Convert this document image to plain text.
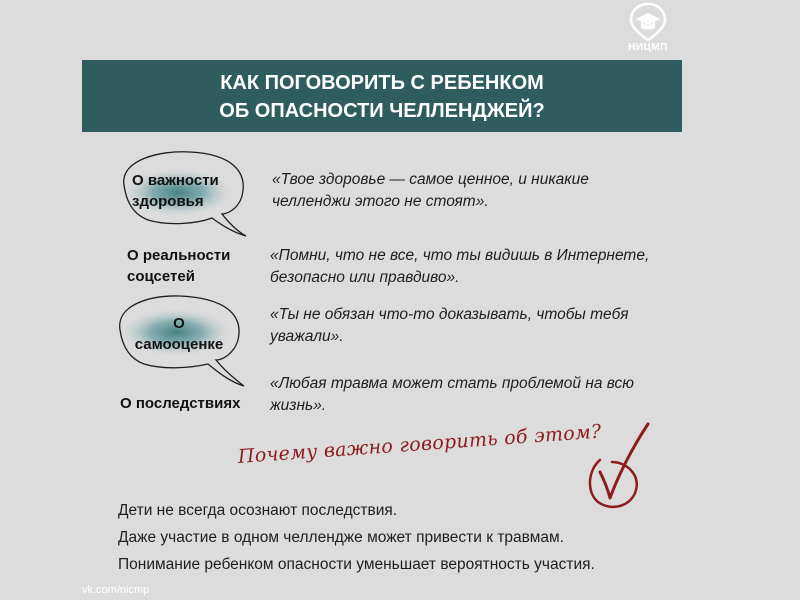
НИЦМП
КАК ПОГОВОРИТЬ С РЕБЕНКОМ
ОБ ОПАСНОСТИ ЧЕЛЛЕНДЖЕЙ?
О важности
здоровья
«Твое здоровье — самое ценное, и никакие
челленджи этого не стоят».
О реальности
соцсетей
«Помни, что не все, что ты видишь в Интернете,
безопасно или правдиво».
О
самооценке
«Ты не обязан что-то доказывать, чтобы тебя
уважали».
О последствиях
«Любая травма может стать проблемой на всю
жизнь».
Почему важно говорить об этом?
Дети не всегда осознают последствия.
Даже участие в одном челлендже может привести к травмам.
Понимание ребенком опасности уменьшает вероятность участия.
vk.com/nicmp
